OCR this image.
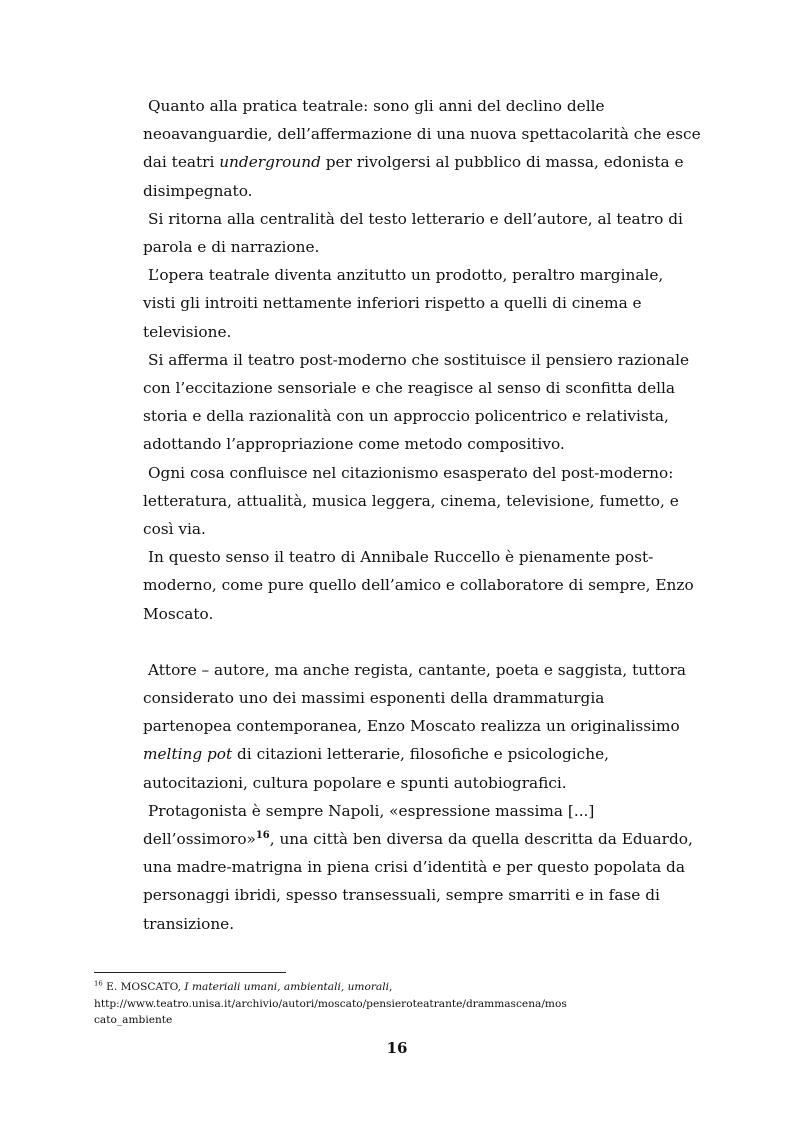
Quanto alla pratica teatrale: sono gli anni del declino delle
neoavanguardie, dell’affermazione di una nuova spettacolarità che esce
dai teatri underground per rivolgersi al pubblico di massa, edonista e
disimpegnato.
Si ritorna alla centralità del testo letterario e dell’autore, al teatro di
parola e di narrazione.
L’opera teatrale diventa anzitutto un prodotto, peraltro marginale,
visti gli introiti nettamente inferiori rispetto a quelli di cinema e
televisione.
Si afferma il teatro post-moderno che sostituisce il pensiero razionale
con l’eccitazione sensoriale e che reagisce al senso di sconfitta della
storia e della razionalità con un approccio policentrico e relativista,
adottando l’appropriazione come metodo compositivo.
Ogni cosa confluisce nel citazionismo esasperato del post-moderno:
letteratura, attualità, musica leggera, cinema, televisione, fumetto, e
così via.
In questo senso il teatro di Annibale Ruccello è pienamente post-
moderno, come pure quello dell’amico e collaboratore di sempre, Enzo
Moscato.
Attore – autore, ma anche regista, cantante, poeta e saggista, tuttora
considerato uno dei massimi esponenti della drammaturgia
partenopea contemporanea, Enzo Moscato realizza un originalissimo
melting pot di citazioni letterarie, filosofiche e psicologiche,
autocitazioni, cultura popolare e spunti autobiografici.
Protagonista è sempre Napoli, «espressione massima [...]
dell’ossimoro»$^{16}$, una città ben diversa da quella descritta da Eduardo,
una madre-matrigna in piena crisi d’identità e per questo popolata da
personaggi ibridi, spesso transessuali, sempre smarriti e in fase di
transizione.
$^{16}$ E. MOSCATO, I materiali umani, ambientali, umorali,
http://www.teatro.unisa.it/archivio/autori/moscato/pensieroteatrante/drammascena/mos
cato_ambiente
16
